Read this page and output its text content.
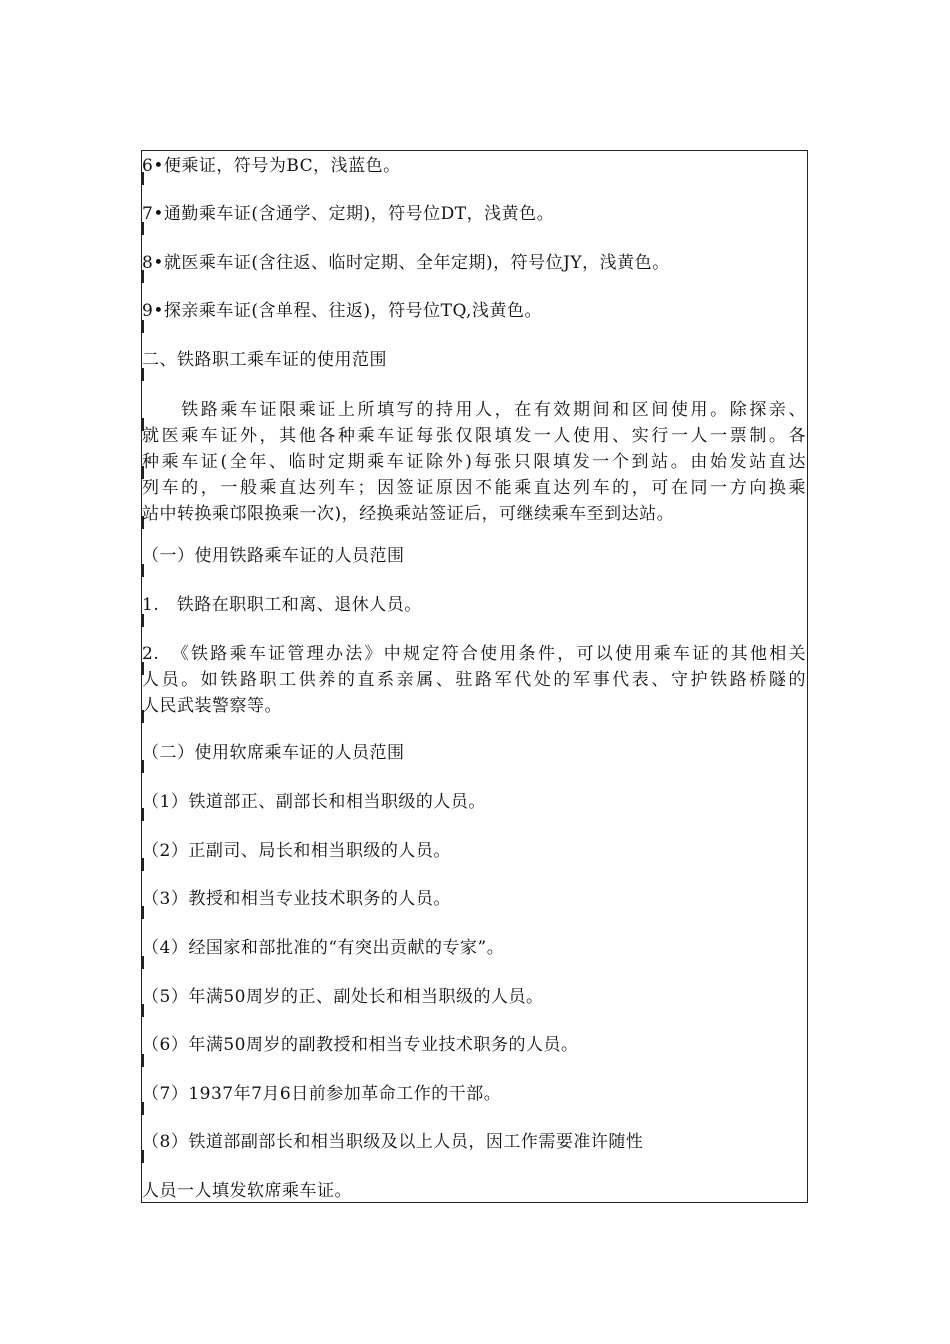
6•便乘证，符号为BC，浅蓝色。
7•通勤乘车证(含通学、定期)，符号位DT，浅黄色。
8•就医乘车证(含往返、临时定期、全年定期)，符号位JY，浅黄色。
9•探亲乘车证(含单程、往返)，符号位TQ,浅黄色。
二、铁路职工乘车证的使用范围
　　铁路乘车证限乘证上所填写的持用人，在有效期间和区间使用。除探亲、
就医乘车证外，其他各种乘车证每张仅限填发一人使用、实行一人一票制。各
种乘车证(全年、临时定期乘车证除外)每张只限填发一个到站。由始发站直达
列车的，一般乘直达列车；因签证原因不能乘直达列车的，可在同一方向换乘
站中转换乘邙限换乘一次)，经换乘站签证后，可继续乘车至到达站。
（一）使用铁路乘车证的人员范围
1.　铁路在职职工和离、退休人员。
2.　《铁路乘车证管理办法》中规定符合使用条件，可以使用乘车证的其他相关
人员。如铁路职工供养的直系亲属、驻路军代处的军事代表、守护铁路桥隧的
人民武装警察等。
（二）使用软席乘车证的人员范围
（1）铁道部正、副部长和相当职级的人员。
（2）正副司、局长和相当职级的人员。
（3）教授和相当专业技术职务的人员。
（4）经国家和部批准的“有突出贡献的专家”。
（5）年满50周岁的正、副处长和相当职级的人员。
（6）年满50周岁的副教授和相当专业技术职务的人员。
（7）1937年7月6日前参加革命工作的干部。
（8）铁道部副部长和相当职级及以上人员，因工作需要准许随性
人员一人填发软席乘车证。
